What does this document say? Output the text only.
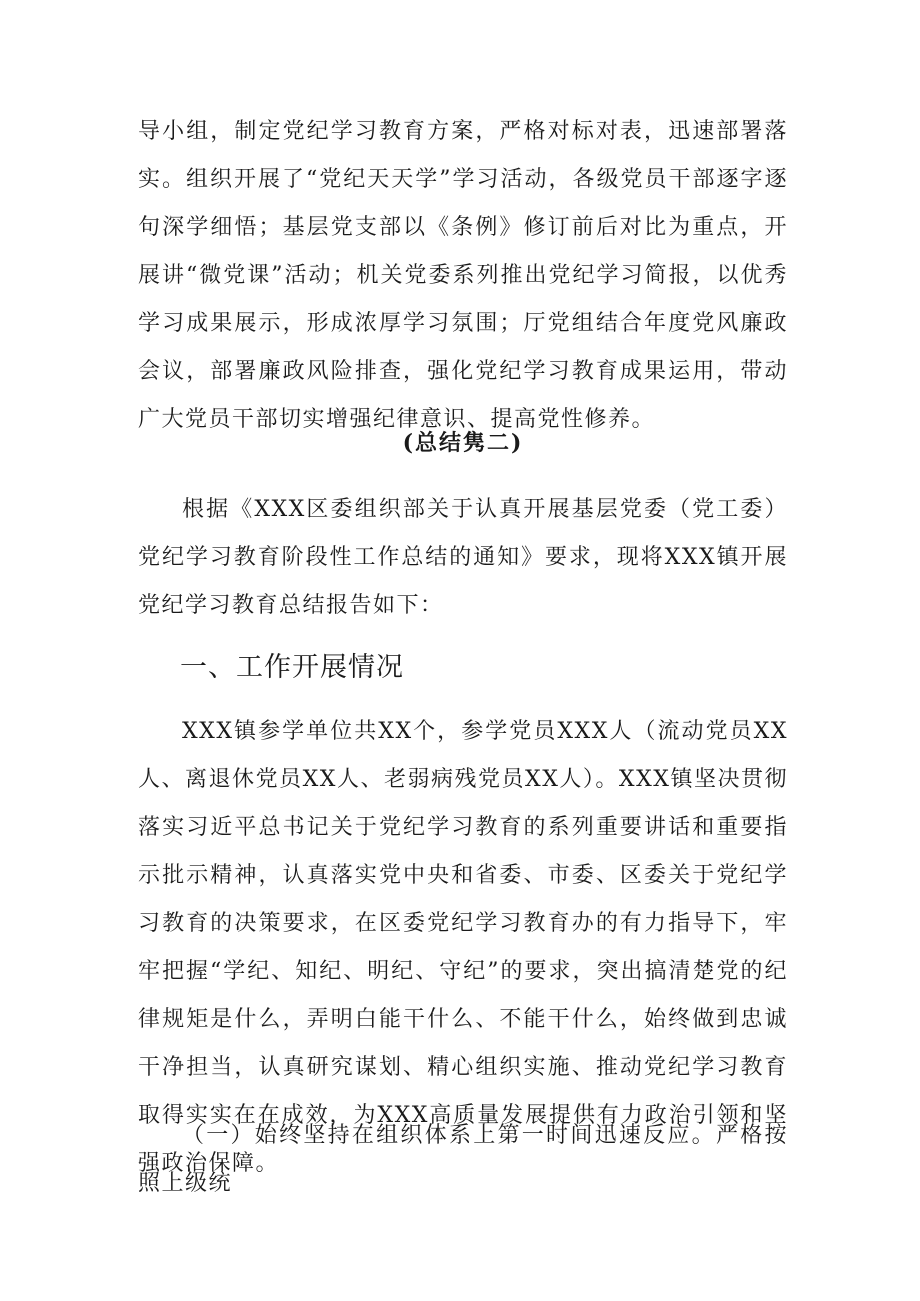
导小组，制定党纪学习教育方案，严格对标对表，迅速部署落实。组织开展了“党纪天天学”学习活动，各级党员干部逐字逐句深学细悟；基层党支部以《条例》修订前后对比为重点，开展讲“微党课”活动；机关党委系列推出党纪学习简报，以优秀学习成果展示，形成浓厚学习氛围；厅党组结合年度党风廉政会议，部署廉政风险排查，强化党纪学习教育成果运用，带动广大党员干部切实增强纪律意识、提高党性修养。

(总结隽二)

根据《XXX区委组织部关于认真开展基层党委（党工委）党纪学习教育阶段性工作总结的通知》要求，现将XXX镇开展党纪学习教育总结报告如下：

一、工作开展情况

XXX镇参学单位共XX个，参学党员XXX人（流动党员XX人、离退休党员XX人、老弱病残党员XX人）。XXX镇坚决贯彻落实习近平总书记关于党纪学习教育的系列重要讲话和重要指示批示精神，认真落实党中央和省委、市委、区委关于党纪学习教育的决策要求，在区委党纪学习教育办的有力指导下，牢牢把握“学纪、知纪、明纪、守纪”的要求，突出搞清楚党的纪律规矩是什么，弄明白能干什么、不能干什么，始终做到忠诚干净担当，认真研究谋划、精心组织实施、推动党纪学习教育取得实实在在成效，为XXX高质量发展提供有力政治引领和坚强政治保障。

（一）始终坚持在组织体系上第一时间迅速反应。严格按照上级统
